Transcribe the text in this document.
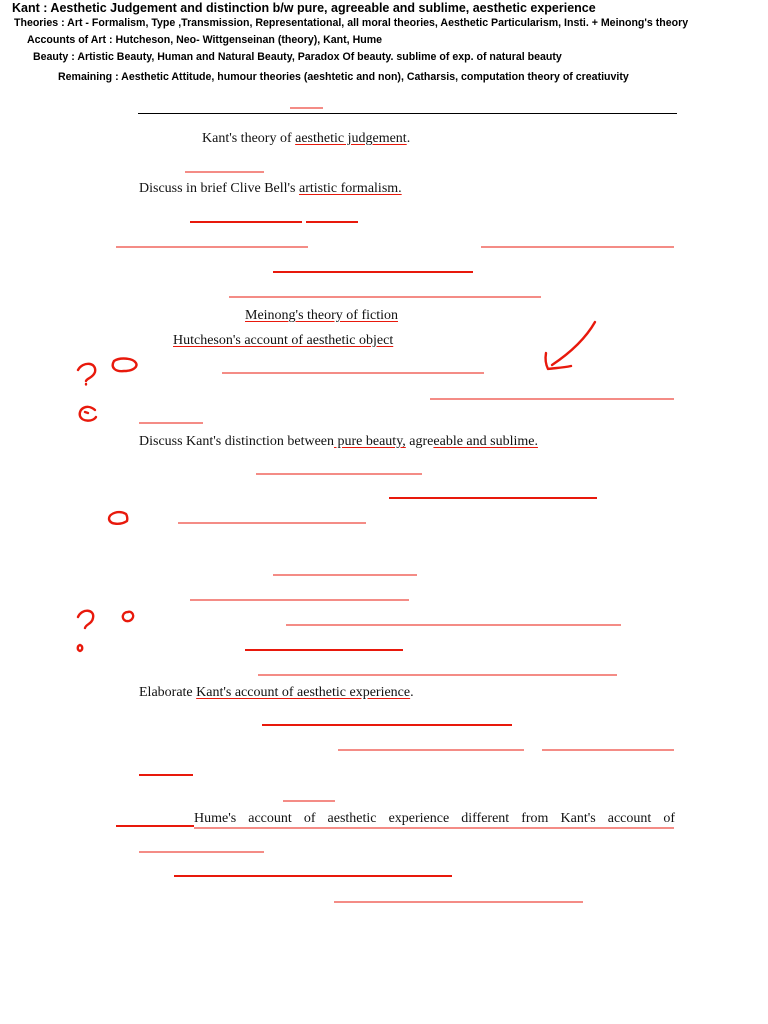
Kant : Aesthetic Judgement and distinction b/w pure, agreeable and sublime, aesthetic experience
Theories : Art - Formalism, Type ,Transmission, Representational, all moral theories, Aesthetic Particularism, Insti. + Meinong's theory
Accounts of Art : Hutcheson, Neo- Wittgenseinan (theory), Kant, Hume
Beauty : Artistic Beauty, Human and Natural Beauty, Paradox Of beauty. sublime of exp. of natural beauty
Remaining : Aesthetic Attitude, humour theories (aeshtetic and non), Catharsis, computation theory of creatiuvity
Kant's theory of aesthetic judgement.
Discuss in brief Clive Bell's artistic formalism.
Meinong's theory of fiction
Hutcheson's account of aesthetic object
Discuss Kant's distinction between pure beauty, agreeable and sublime.
Elaborate Kant's account of aesthetic experience.
Hume's account of aesthetic experience different from Kant's account of
